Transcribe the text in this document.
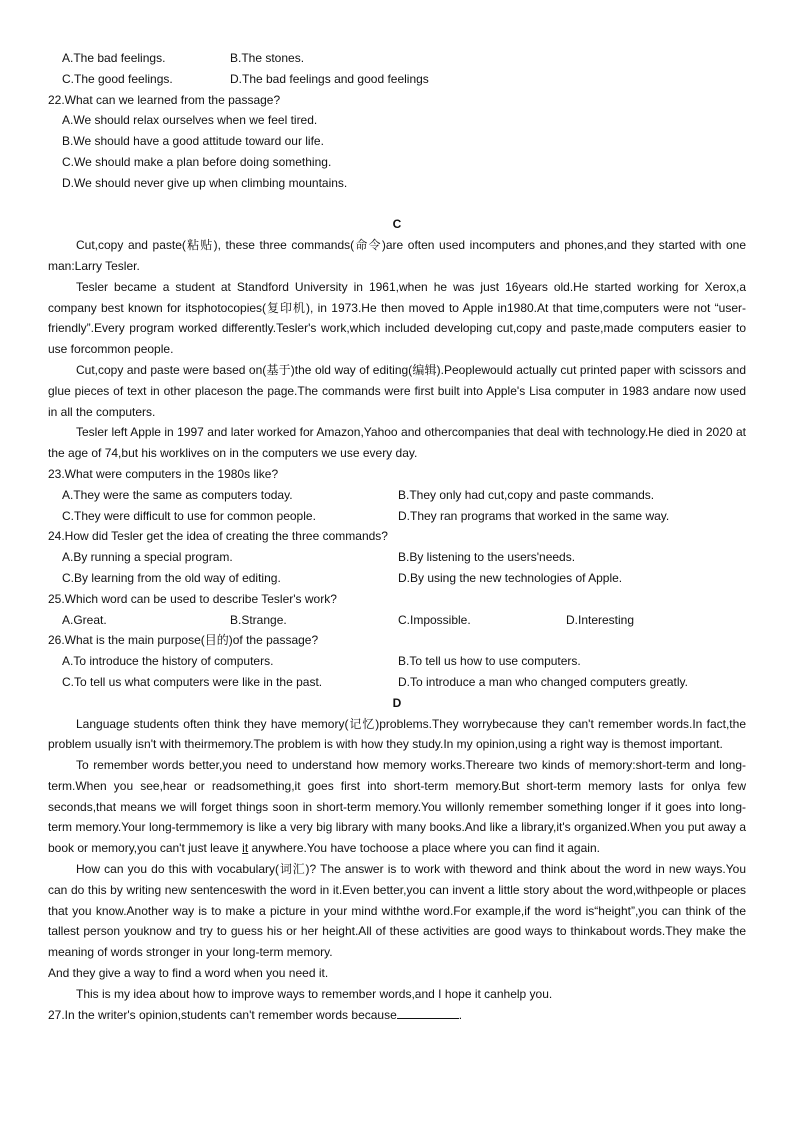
A.The bad feelings.	B.The stones.
C.The good feelings.	D.The bad feelings and good feelings
22.What can we learned from the passage?
A.We should relax ourselves when we feel tired.
B.We should have a good attitude toward our life.
C.We should make a plan before doing something.
D.We should never give up when climbing mountains.
C

Cut,copy and paste(粘贴), these three commands(命令)are often used incomputers and phones,and they started with one man:Larry Tesler.

Tesler became a student at Standford University in 1961,when he was just 16years old.He started working for Xerox,a company best known for itsphotocopies(复印机), in 1973.He then moved to Apple in1980.At that time,computers were not “user-friendly”.Every program worked differently.Tesler's work,which included developing cut,copy and paste,made computers easier to use forcommon people.

Cut,copy and paste were based on(基于)the old way of editing(编辑).Peoplewould actually cut printed paper with scissors and glue pieces of text in other placeson the page.The commands were first built into Apple's Lisa computer in 1983 andare now used in all the computers.

Tesler left Apple in 1997 and later worked for Amazon,Yahoo and othercompanies that deal with technology.He died in 2020 at the age of 74,but his worklives on in the computers we use every day.

23.What were computers in the 1980s like?
A.They were the same as computers today.	B.They only had cut,copy and paste commands.
C.They were difficult to use for common people.	D.They ran programs that worked in the same way.
24.How did Tesler get the idea of creating the three commands?
A.By running a special program.	B.By listening to the users'needs.
C.By learning from the old way of editing.	D.By using the new technologies of Apple.
25.Which word can be used to describe Tesler's work?
A.Great.	B.Strange.	C.Impossible.	D.Interesting
26.What is the main purpose(目的)of the passage?
A.To introduce the history of computers.	B.To tell us how to use computers.
C.To tell us what computers were like in the past.	D.To introduce a man who changed computers greatly.
D

Language students often think they have memory(记忆)problems.They worrybecause they can't remember words.In fact,the problem usually isn't with theirmemory.The problem is with how they study.In my opinion,using a right way is themost important.

To remember words better,you need to understand how memory works.Thereare two kinds of memory:short-term and long-term.When you see,hear or readsomething,it goes first into short-term memory.But short-term memory lasts for onlya few seconds,that means we will forget things soon in short-term memory.You willonly remember something longer if it goes into long-term memory.Your long-termmemory is like a very big library with many books.And like a library,it's organized.When you put away a book or memory,you can't just leave it anywhere.You have tochoose a place where you can find it again.

How can you do this with vocabulary(词汇)? The answer is to work with theword and think about the word in new ways.You can do this by writing new sentenceswith the word in it.Even better,you can invent a little story about the word,withpeople or places that you know.Another way is to make a picture in your mind withthe word.For example,if the word is“height”,you can think of the tallest person youknow and try to guess his or her height.All of these activities are good ways to thinkabout words.They make the meaning of words stronger in your long-term memory.

And they give a way to find a word when you need it.

This is my idea about how to improve ways to remember words,and I hope it canhelp you.

27.In the writer's opinion,students can't remember words because	.
